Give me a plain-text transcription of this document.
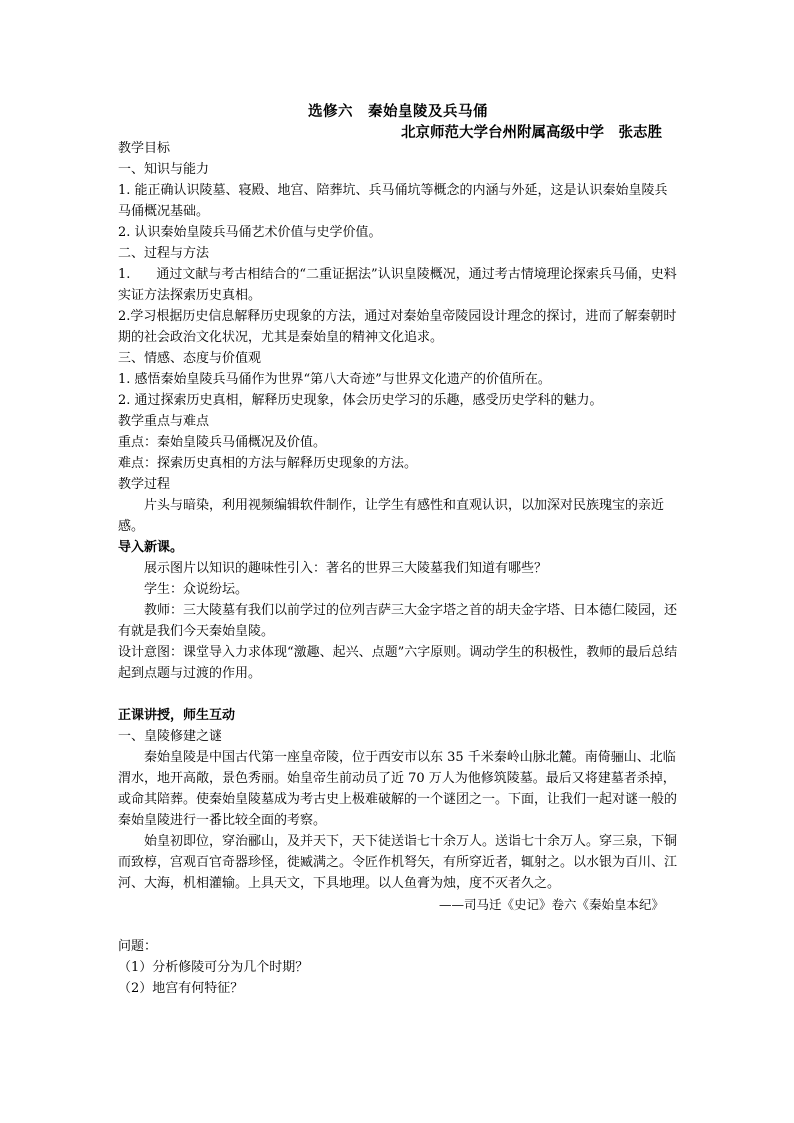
选修六　秦始皇陵及兵马俑
北京师范大学台州附属高级中学　张志胜

教学目标

一、知识与能力

1. 能正确认识陵墓、寝殿、地宫、陪葬坑、兵马俑坑等概念的内涵与外延，这是认识秦始皇陵兵马俑概况基础。

2. 认识秦始皇陵兵马俑艺术价值与史学价值。

二、过程与方法

1.　　通过文献与考古相结合的“二重证据法”认识皇陵概况，通过考古情境理论探索兵马俑，史料实证方法探索历史真相。

2.学习根据历史信息解释历史现象的方法，通过对秦始皇帝陵园设计理念的探讨，进而了解秦朝时期的社会政治文化状况，尤其是秦始皇的精神文化追求。

三、情感、态度与价值观

1. 感悟秦始皇陵兵马俑作为世界“第八大奇迹”与世界文化遗产的价值所在。

2. 通过探索历史真相，解释历史现象，体会历史学习的乐趣，感受历史学科的魅力。

教学重点与难点

重点：秦始皇陵兵马俑概况及价值。

难点：探索历史真相的方法与解释历史现象的方法。

教学过程

片头与暗染，利用视频编辑软件制作，让学生有感性和直观认识，以加深对民族瑰宝的亲近感。

导入新课。

展示图片以知识的趣味性引入：著名的世界三大陵墓我们知道有哪些？

学生：众说纷坛。

教师：三大陵墓有我们以前学过的位列吉萨三大金字塔之首的胡夫金字塔、日本德仁陵园，还有就是我们今天秦始皇陵。

设计意图：课堂导入力求体现“激趣、起兴、点题”六字原则。调动学生的积极性，教师的最后总结起到点题与过渡的作用。

正课讲授，师生互动

一、皇陵修建之谜

秦始皇陵是中国古代第一座皇帝陵，位于西安市以东 35 千米秦岭山脉北麓。南倚骊山、北临渭水，地开高敞，景色秀丽。始皇帝生前动员了近 70 万人为他修筑陵墓。最后又将建墓者杀掉，或命其陪葬。使秦始皇陵墓成为考古史上极难破解的一个谜团之一。下面，让我们一起对谜一般的秦始皇陵进行一番比较全面的考察。

始皇初即位，穿治郦山，及并天下，天下徒送诣七十余万人。送诣七十余万人。穿三泉，下铜而致椁，宫观百官奇器珍怪，徙臧满之。令匠作机弩矢，有所穿近者，辄射之。以水银为百川、江河、大海，机相灌输。上具天文，下具地理。以人鱼膏为烛，度不灭者久之。

——司马迁《史记》卷六《秦始皇本纪》

问题：

（1）分析修陵可分为几个时期？

（2）地宫有何特征？
